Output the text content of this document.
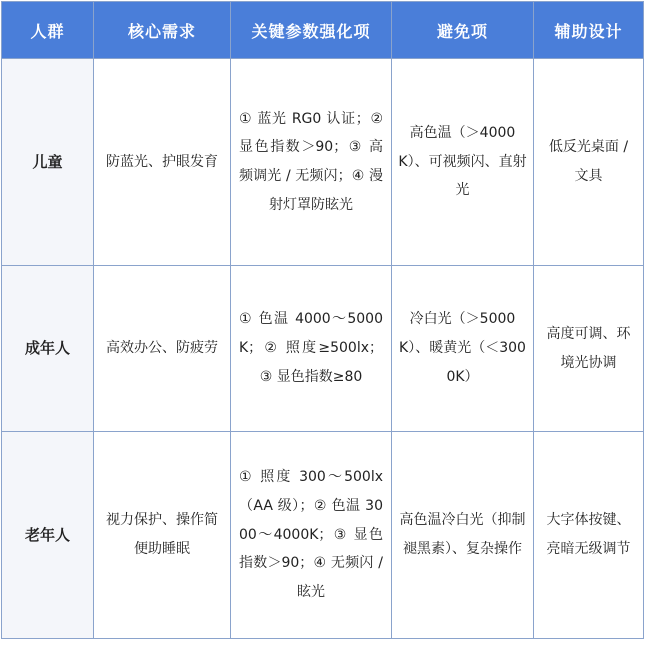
人群	核心需求	关键参数强化项	避免项	辅助设计

儿童	防蓝光、护眼发育	① 蓝光 RG0 认证；② 显色指数＞90；③ 高频调光 / 无频闪；④ 漫射灯罩防眩光	高色温（＞4000K）、可视频闪、直射光	低反光桌面 / 文具

成年人	高效办公、防疲劳	① 色温 4000～5000K；② 照度≥500lx；③ 显色指数≥80	冷白光（＞5000K）、暖黄光（＜3000K）	高度可调、环境光协调

老年人	视力保护、操作简便助睡眠	① 照度 300～500lx（AA 级）；② 色温 3000～4000K；③ 显色指数＞90；④ 无频闪 / 眩光	高色温冷白光（抑制褪黑素）、复杂操作	大字体按键、亮暗无级调节
